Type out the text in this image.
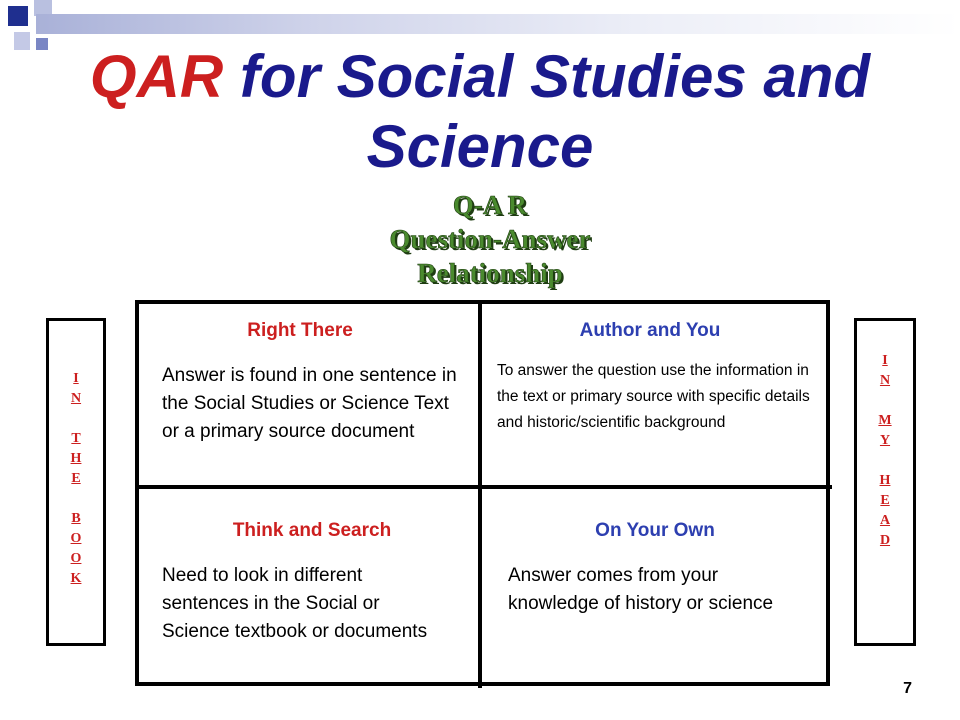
QAR for Social Studies and Science
Q-A R
Question-Answer
Relationship
I
N
T
H
E
B
O
O
K
I
N
M
Y
H
E
A
D
Right There
Answer is found in one sentence in the Social Studies or Science Text or a primary source document
Author and You
To answer the question use the information in the text or primary source with specific details and historic/scientific background
Think and Search
Need to look in different sentences in the Social or Science textbook or documents
On Your Own
Answer comes from your knowledge of history or science
7
